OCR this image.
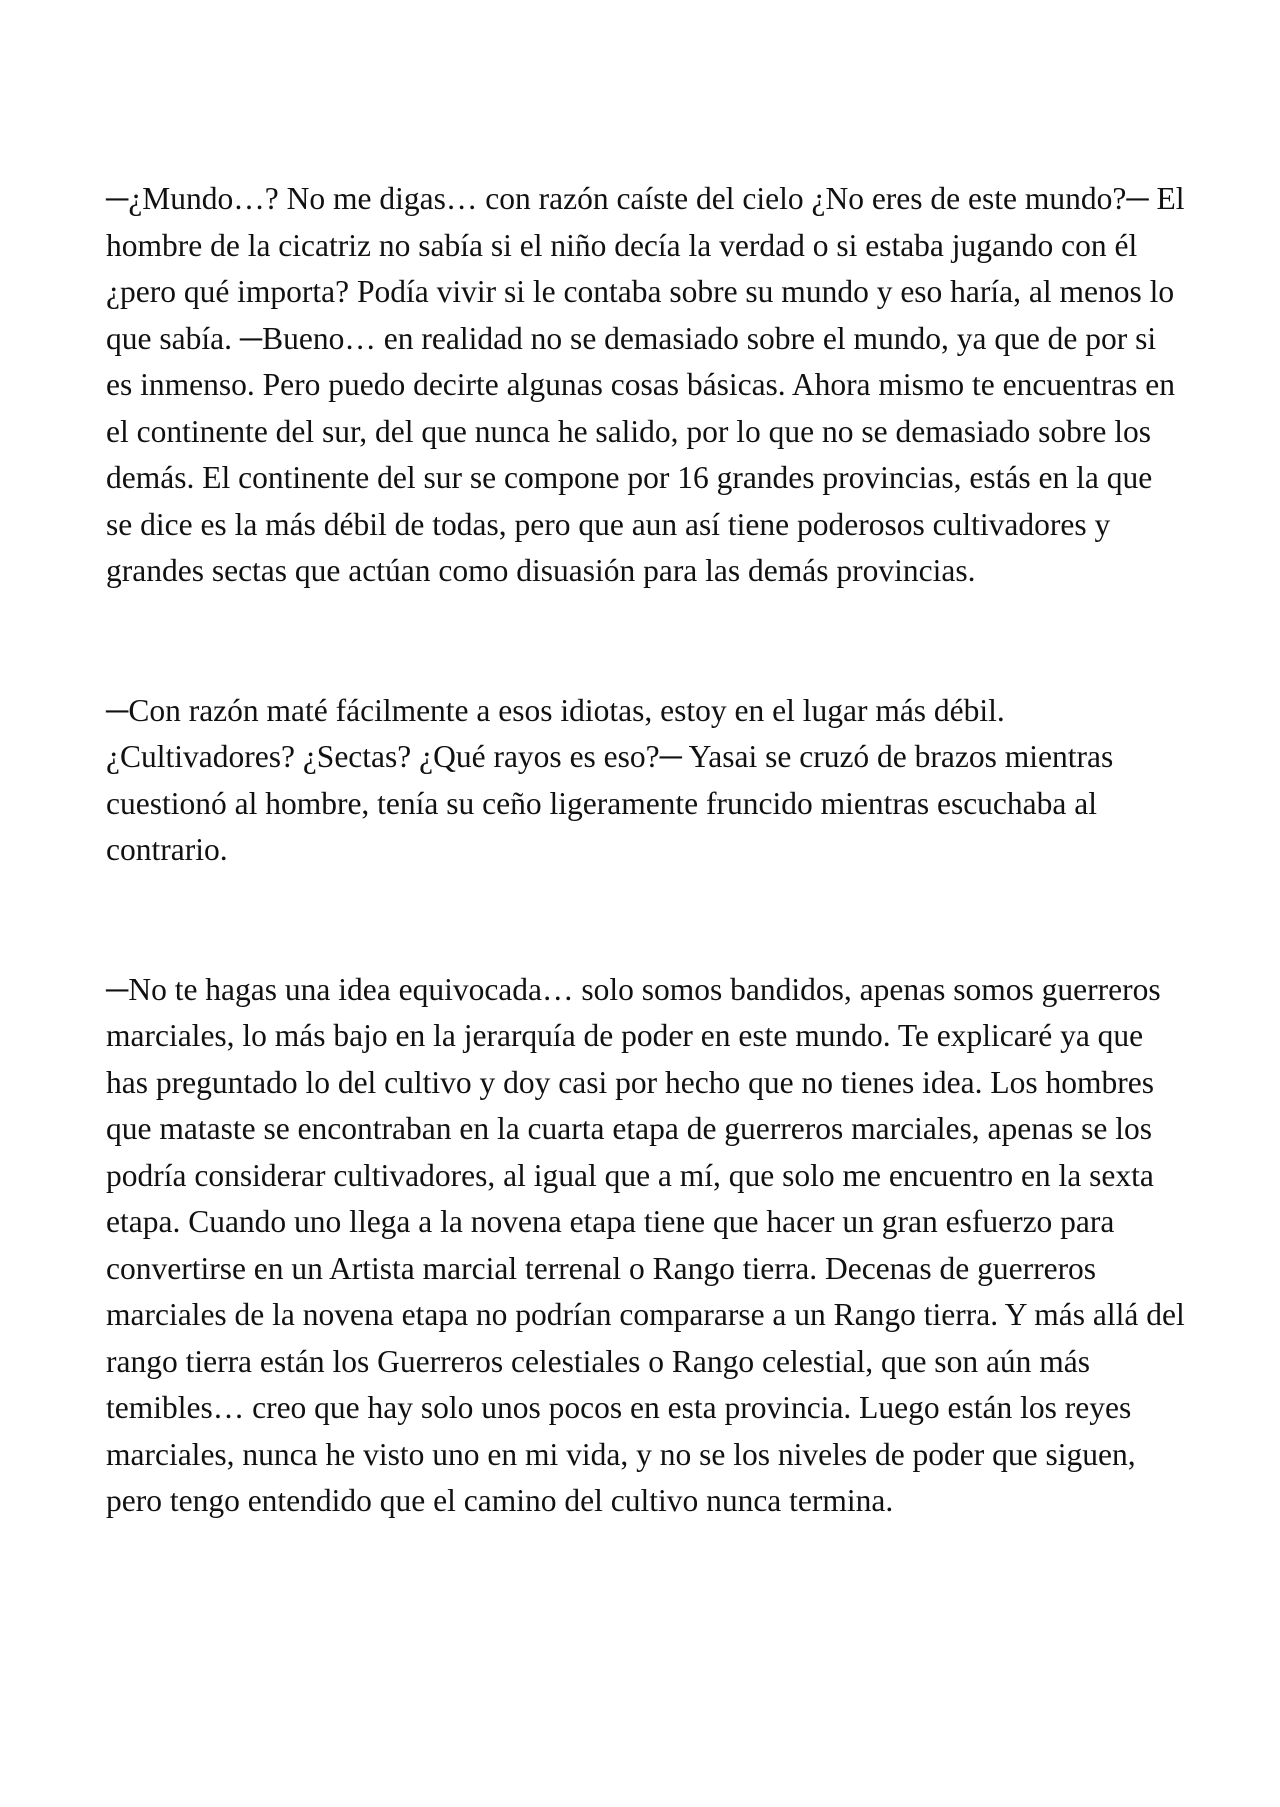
─¿Mundo…? No me digas… con razón caíste del cielo ¿No eres de este mundo?─ El hombre de la cicatriz no sabía si el niño decía la verdad o si estaba jugando con él ¿pero qué importa? Podía vivir si le contaba sobre su mundo y eso haría, al menos lo que sabía. ─Bueno… en realidad no se demasiado sobre el mundo, ya que de por si es inmenso. Pero puedo decirte algunas cosas básicas. Ahora mismo te encuentras en el continente del sur, del que nunca he salido, por lo que no se demasiado sobre los demás. El continente del sur se compone por 16 grandes provincias, estás en la que se dice es la más débil de todas, pero que aun así tiene poderosos cultivadores y grandes sectas que actúan como disuasión para las demás provincias.

─Con razón maté fácilmente a esos idiotas, estoy en el lugar más débil. ¿Cultivadores? ¿Sectas? ¿Qué rayos es eso?─ Yasai se cruzó de brazos mientras cuestionó al hombre, tenía su ceño ligeramente fruncido mientras escuchaba al contrario.

─No te hagas una idea equivocada… solo somos bandidos, apenas somos guerreros marciales, lo más bajo en la jerarquía de poder en este mundo. Te explicaré ya que has preguntado lo del cultivo y doy casi por hecho que no tienes idea. Los hombres que mataste se encontraban en la cuarta etapa de guerreros marciales, apenas se los podría considerar cultivadores, al igual que a mí, que solo me encuentro en la sexta etapa. Cuando uno llega a la novena etapa tiene que hacer un gran esfuerzo para convertirse en un Artista marcial terrenal o Rango tierra. Decenas de guerreros marciales de la novena etapa no podrían compararse a un Rango tierra. Y más allá del rango tierra están los Guerreros celestiales o Rango celestial, que son aún más temibles… creo que hay solo unos pocos en esta provincia. Luego están los reyes marciales, nunca he visto uno en mi vida, y no se los niveles de poder que siguen, pero tengo entendido que el camino del cultivo nunca termina.
